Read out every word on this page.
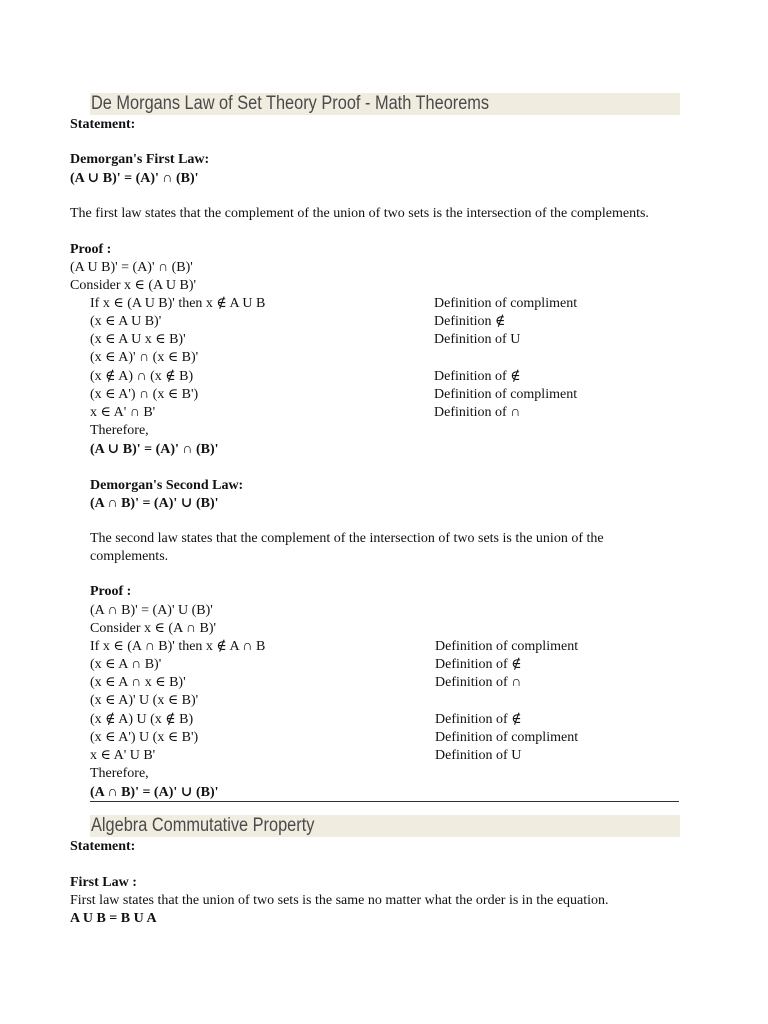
De Morgans Law of Set Theory Proof - Math Theorems
Statement:
Demorgan's First Law:
(A ∪ B)' = (A)' ∩ (B)'
The first law states that the complement of the union of two sets is the intersection of the complements.
Proof :
(A U B)' = (A)' ∩ (B)'
Consider x ∈ (A U B)'
If x ∈ (A U B)' then x ∉ A U B	Definition of compliment
(x ∈ A U B)'	Definition ∉
(x ∈ A U x ∈ B)'	Definition of U
(x ∈ A)' ∩ (x ∈ B)'
(x ∉ A) ∩ (x ∉ B)	Definition of ∉
(x ∈ A') ∩ (x ∈ B')	Definition of compliment
x ∈ A' ∩ B'	Definition of ∩
Therefore,
(A ∪ B)' = (A)' ∩ (B)'
Demorgan's Second Law:
(A ∩ B)' = (A)' ∪ (B)'
The second law states that the complement of the intersection of two sets is the union of the
complements.
Proof :
(A ∩ B)' = (A)' U (B)'
Consider x ∈ (A ∩ B)'
If x ∈ (A ∩ B)' then x ∉ A ∩ B	Definition of compliment
(x ∈ A ∩ B)'	Definition of ∉
(x ∈ A ∩ x ∈ B)'	Definition of ∩
(x ∈ A)' U (x ∈ B)'
(x ∉ A) U (x ∉ B)	Definition of ∉
(x ∈ A') U (x ∈ B')	Definition of compliment
x ∈ A' U B'	Definition of U
Therefore,
(A ∩ B)' = (A)' ∪ (B)'
Algebra Commutative Property
Statement:
First Law :
First law states that the union of two sets is the same no matter what the order is in the equation.
A U B = B U A
